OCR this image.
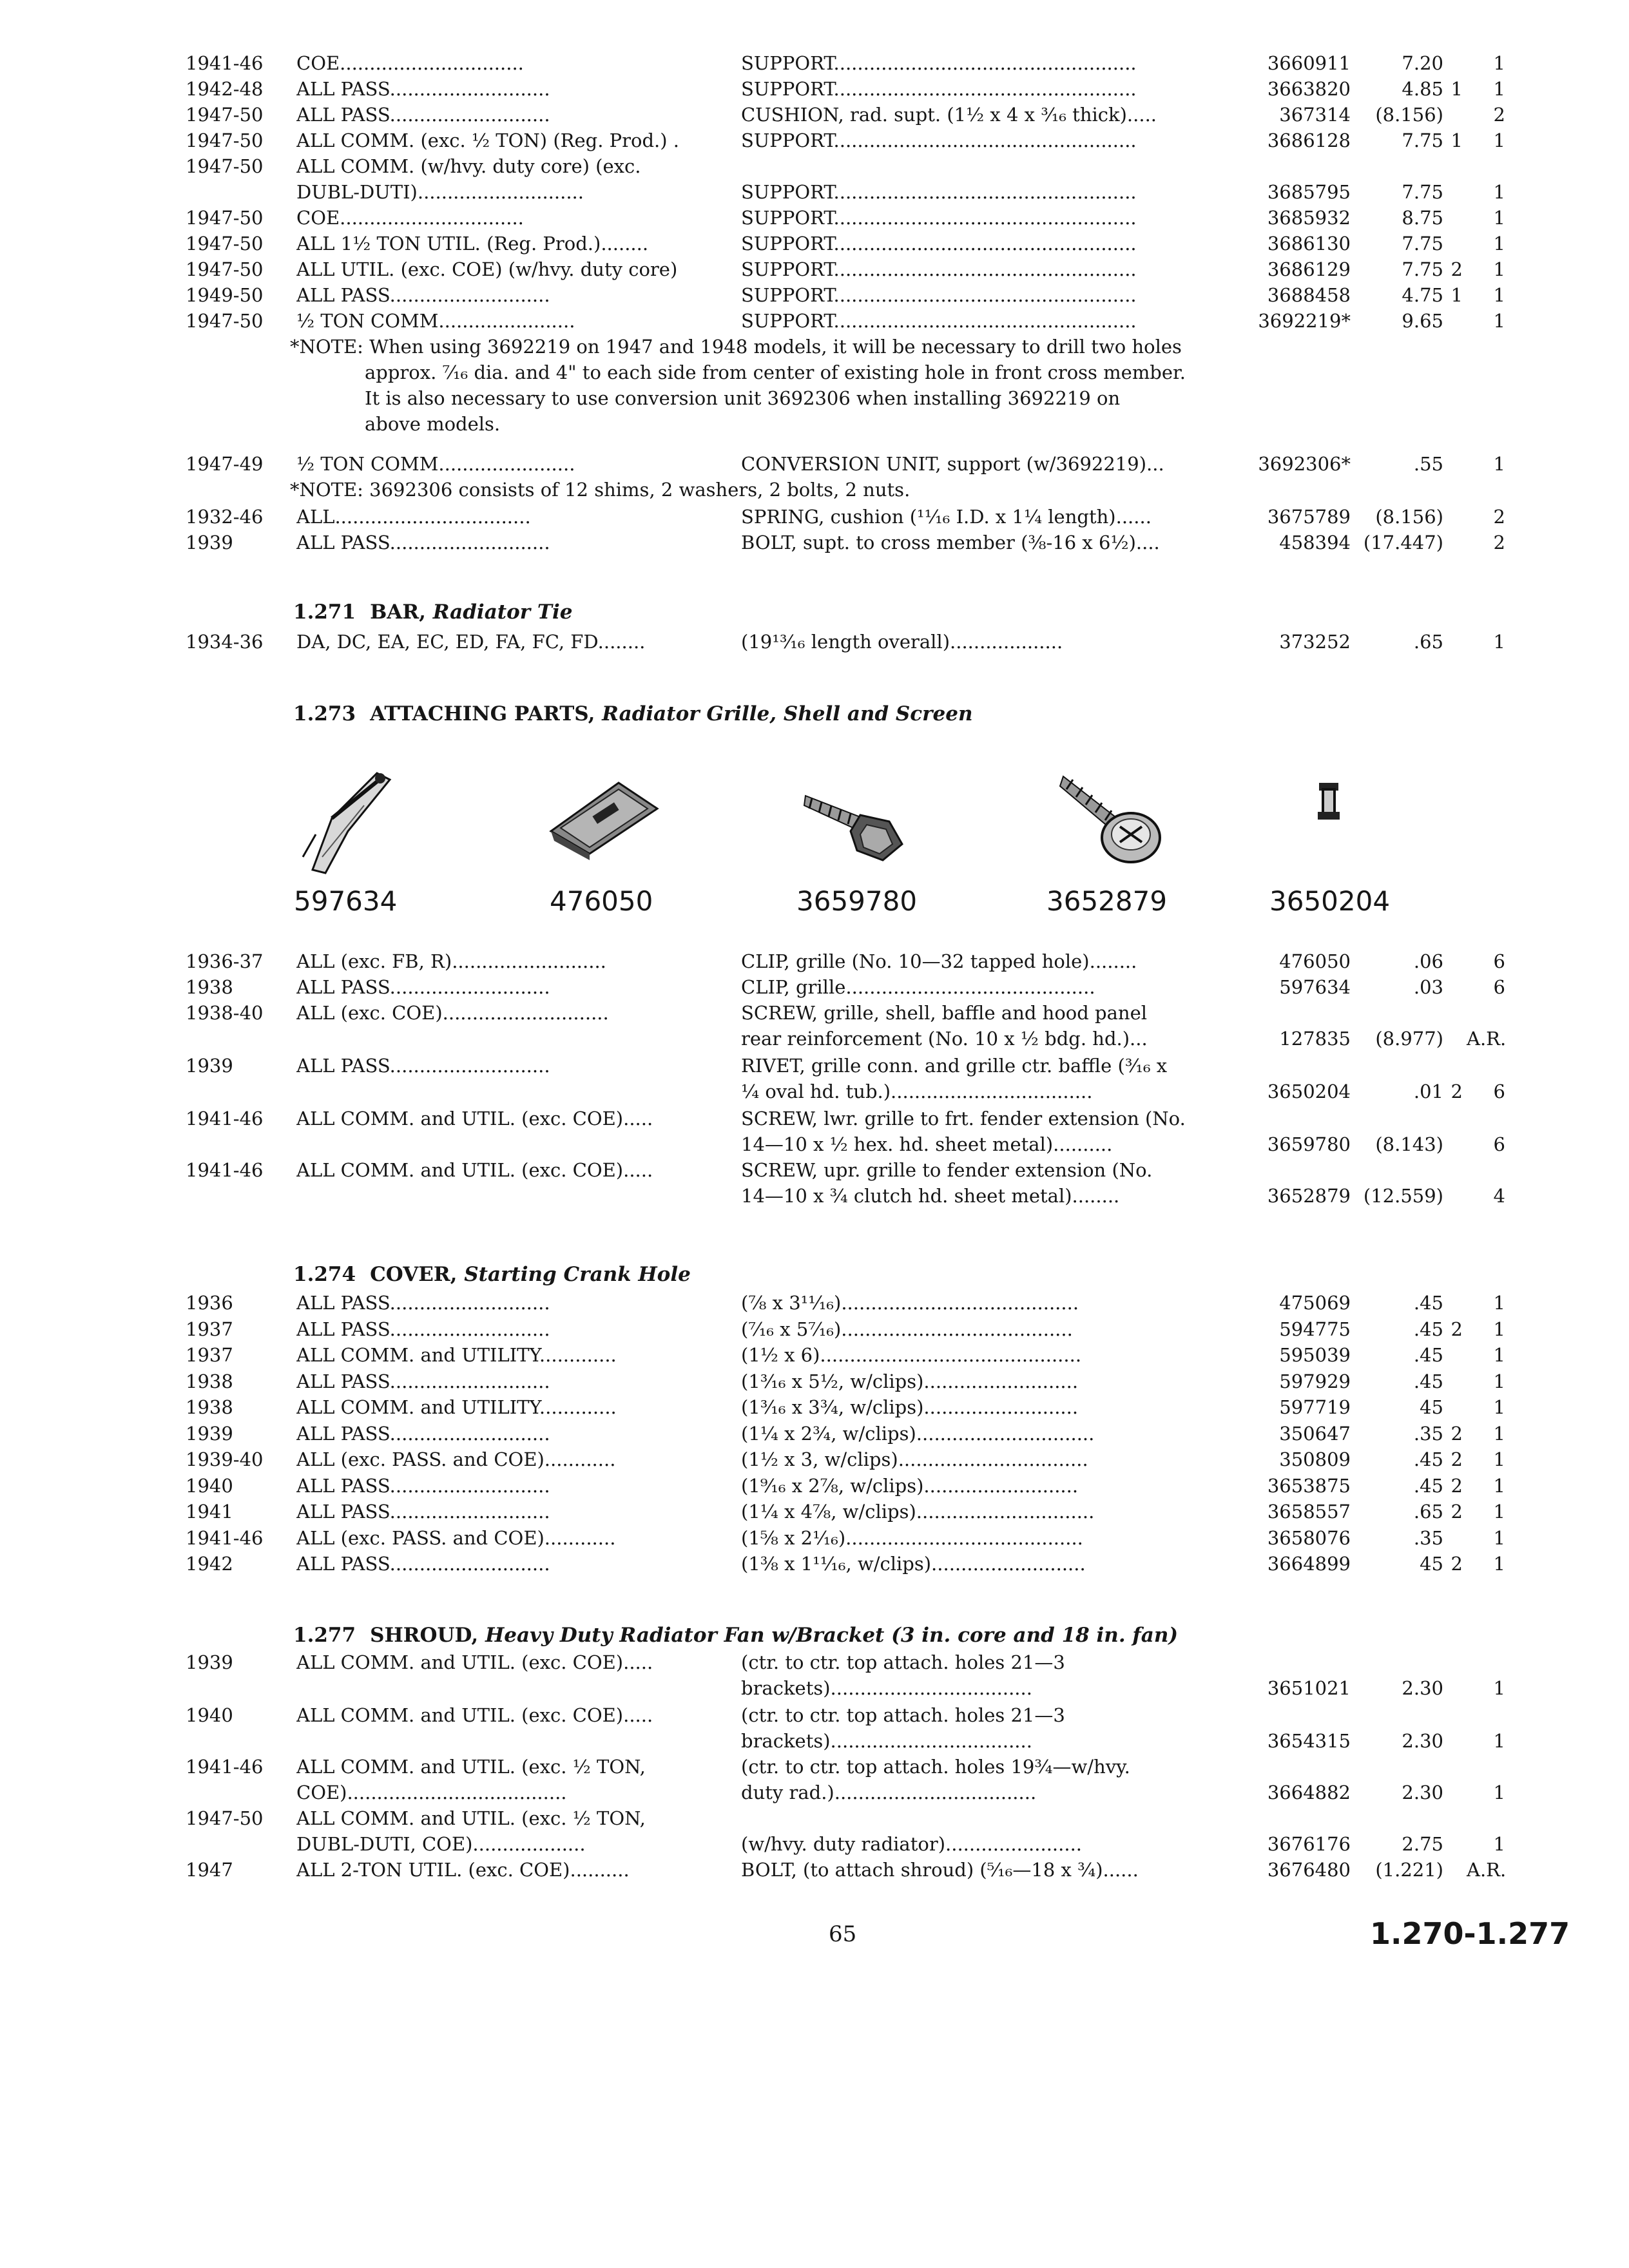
1941-46 COE...............................	SUPPORT...................................................	3660911	7.20	1
1942-48 ALL PASS...........................	SUPPORT...................................................	3663820	4.85 1	1
1947-50 ALL PASS...........................	CUSHION, rad. supt. (1½ x 4 x ³⁄₁₆ thick).....	367314	(8.156)	2
1947-50 ALL COMM. (exc. ½ TON) (Reg. Prod.) .	SUPPORT...................................................	3686128	7.75 1	1
1947-50 ALL COMM. (w/hvy. duty core) (exc.
DUBL-DUTI)............................	SUPPORT...................................................	3685795	7.75	1
1947-50 COE...............................	SUPPORT...................................................	3685932	8.75	1
1947-50 ALL 1½ TON UTIL. (Reg. Prod.)........	SUPPORT...................................................	3686130	7.75	1
1947-50 ALL UTIL. (exc. COE) (w/hvy. duty core)	SUPPORT...................................................	3686129	7.75 2	1
1949-50 ALL PASS...........................	SUPPORT...................................................	3688458	4.75 1	1
1947-50 ½ TON COMM.......................	SUPPORT...................................................	3692219*	9.65	1
*NOTE: When using 3692219 on 1947 and 1948 models, it will be necessary to drill two holes
approx. ⁷⁄₁₆ dia. and 4" to each side from center of existing hole in front cross member.
It is also necessary to use conversion unit 3692306 when installing 3692219 on
above models.
1947-49 ½ TON COMM.......................	CONVERSION UNIT, support (w/3692219)...	3692306*	.55	1
*NOTE: 3692306 consists of 12 shims, 2 washers, 2 bolts, 2 nuts.
1932-46 ALL.................................	SPRING, cushion (¹¹⁄₁₆ I.D. x 1¼ length)......	3675789	(8.156)	2
1939	ALL PASS...........................	BOLT, supt. to cross member (⅜-16 x 6½)....	458394 (17.447)	2
1934-36 DA, DC, EA, EC, ED, FA, FC, FD........	(19¹³⁄₁₆ length overall)...................	373252	.65	1
1936-37 ALL (exc. FB, R)..........................	CLIP, grille (No. 10—32 tapped hole)........	476050	.06	6
1938	ALL PASS...........................	CLIP, grille..........................................	597634	.03	6
1938-40 ALL (exc. COE)............................	SCREW, grille, shell, baffle and hood panel
rear reinforcement (No. 10 x ½ bdg. hd.)...	127835	(8.977) A.R.
1939	ALL PASS...........................	RIVET, grille conn. and grille ctr. baffle (³⁄₁₆ x
¼ oval hd. tub.)..................................	3650204	.01 2	6
1941-46 ALL COMM. and UTIL. (exc. COE).....	SCREW, lwr. grille to frt. fender extension (No.
14—10 x ½ hex. hd. sheet metal)..........	3659780	(8.143)	6
1941-46 ALL COMM. and UTIL. (exc. COE).....	SCREW, upr. grille to fender extension (No.
14—10 x ¾ clutch hd. sheet metal)........	3652879 (12.559)	4
1936	ALL PASS...........................	(⅞ x 3¹¹⁄₁₆)........................................	475069	.45	1
1937	ALL PASS...........................	(⁷⁄₁₆ x 5⁷⁄₁₆).......................................	594775	.45 2	1
1937	ALL COMM. and UTILITY.............	(1½ x 6)............................................	595039	.45	1
1938	ALL PASS...........................	(1³⁄₁₆ x 5½, w/clips)..........................	597929	.45	1
1938	ALL COMM. and UTILITY.............	(1³⁄₁₆ x 3¾, w/clips)..........................	597719	45	1
1939	ALL PASS...........................	(1¼ x 2¾, w/clips)..............................	350647	.35 2	1
1939-40 ALL (exc. PASS. and COE)............	(1½ x 3, w/clips)................................	350809	.45 2	1
1940	ALL PASS...........................	(1⁹⁄₁₆ x 2⅞, w/clips)..........................	3653875	.45 2	1
1941	ALL PASS...........................	(1¼ x 4⅞, w/clips)..............................	3658557	.65 2	1
1941-46 ALL (exc. PASS. and COE)............	(1⅝ x 2¹⁄₁₆)........................................	3658076	.35	1
1942	ALL PASS...........................	(1⅜ x 1¹¹⁄₁₆, w/clips)..........................	3664899	45 2	1
1939	ALL COMM. and UTIL. (exc. COE).....	(ctr. to ctr. top attach. holes 21—3
brackets)..................................	3651021	2.30	1
1940	ALL COMM. and UTIL. (exc. COE).....	(ctr. to ctr. top attach. holes 21—3
brackets)..................................	3654315	2.30	1
1941-46 ALL COMM. and UTIL. (exc. ½ TON,	(ctr. to ctr. top attach. holes 19¾—w/hvy.
COE).....................................	duty rad.)..................................	3664882	2.30	1
1947-50 ALL COMM. and UTIL. (exc. ½ TON,
DUBL-DUTI, COE)...................	(w/hvy. duty radiator).......................	3676176	2.75	1
1947	ALL 2-TON UTIL. (exc. COE)..........	BOLT, (to attach shroud) (⁵⁄₁₆—18 x ¾)......	3676480	(1.221) A.R.
1.271 BAR, Radiator Tie
1.273 ATTACHING PARTS, Radiator Grille, Shell and Screen
597634	476050	3659780	3652879	3650204
1.274 COVER, Starting Crank Hole
1.277 SHROUD, Heavy Duty Radiator Fan w/Bracket (3 in. core and 18 in. fan)
65	1.270-1.277
